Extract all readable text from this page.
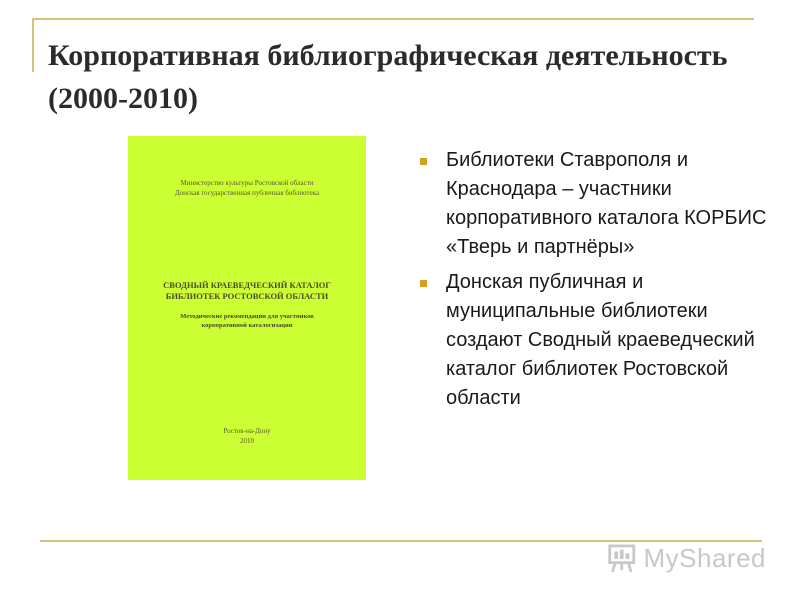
Корпоративная библиографическая деятельность (2000-2010)
Министерство культуры Ростовской области
Донская государственная публичная библиотека
СВОДНЫЙ КРАЕВЕДЧЕСКИЙ КАТАЛОГ
БИБЛИОТЕК РОСТОВСКОЙ ОБЛАСТИ
Методические рекомендации для участников
корпоративной каталогизации
Ростов-на-Дону
2010
Библиотеки Ставрополя и Краснодара – участники корпоративного каталога КОРБИС «Тверь и партнёры»
Донская публичная и муниципальные библиотеки создают Сводный краеведческий каталог библиотек Ростовской области
MyShared
